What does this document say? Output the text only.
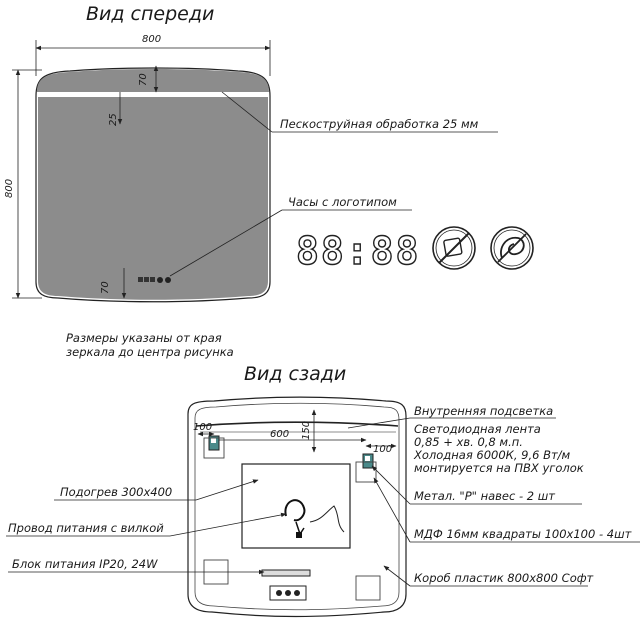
Вид спереди
800
800
70
25
70
Пескоструйная обработка 25 мм
Часы с логотипом
88:88
Размеры указаны от края
зеркала до центра рисунка
Вид сзади
100
600
100
150
Внутренняя подсветка
Светодиодная лента
0,85 + хв. 0,8 м.п.
Холодная 6000К, 9,6 Вт/м
монтируется на ПВХ уголок
Метал. "Р" навес - 2 шт
МДФ 16мм квадраты 100х100 - 4шт
Короб пластик 800х800 Софт
Подогрев 300х400
Провод питания с вилкой
Блок питания IP20, 24W
